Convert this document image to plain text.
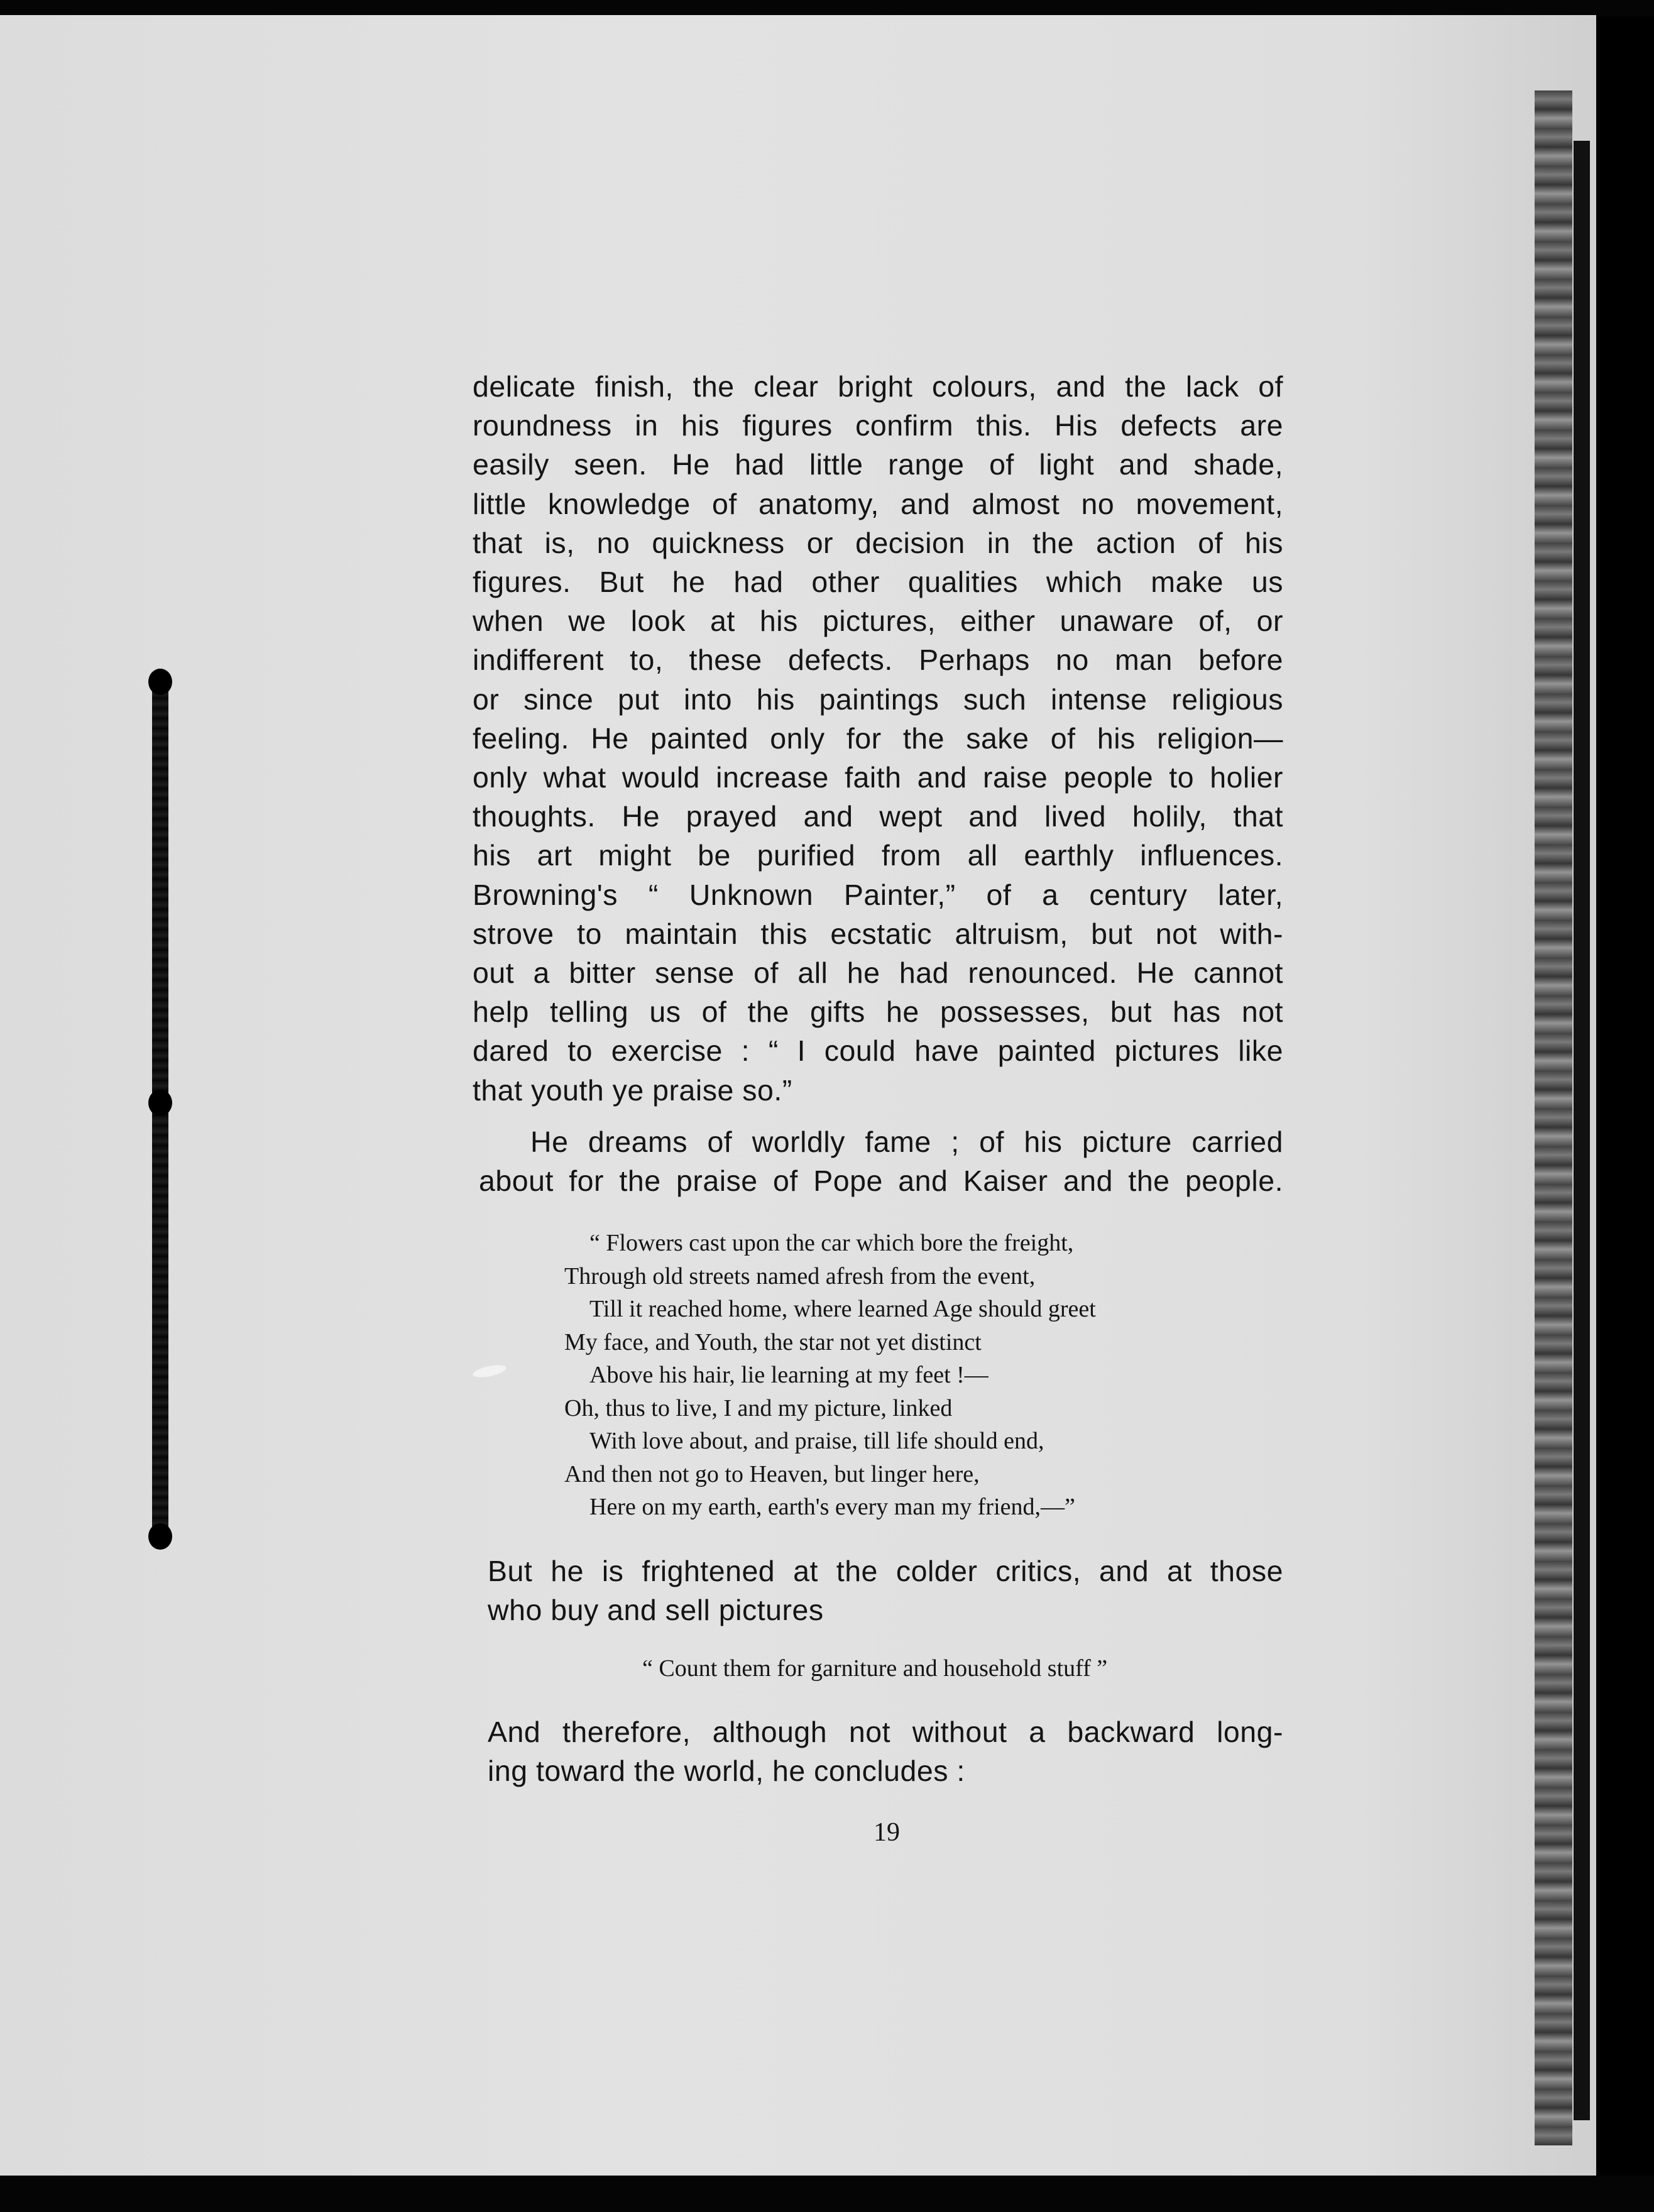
delicate finish, the clear bright colours, and the lack of
roundness in his figures confirm this. His defects are
easily seen. He had little range of light and shade,
little knowledge of anatomy, and almost no movement,
that is, no quickness or decision in the action of his
figures. But he had other qualities which make us
when we look at his pictures, either unaware of, or
indifferent to, these defects. Perhaps no man before
or since put into his paintings such intense religious
feeling. He painted only for the sake of his religion—
only what would increase faith and raise people to holier
thoughts. He prayed and wept and lived holily, that
his art might be purified from all earthly influences.
Browning's “ Unknown Painter,” of a century later,
strove to maintain this ecstatic altruism, but not with-
out a bitter sense of all he had renounced. He cannot
help telling us of the gifts he possesses, but has not
dared to exercise : “ I could have painted pictures like
that youth ye praise so.”
He dreams of worldly fame ; of his picture carried
about for the praise of Pope and Kaiser and the people.
“ Flowers cast upon the car which bore the freight,
Through old streets named afresh from the event,
Till it reached home, where learned Age should greet
My face, and Youth, the star not yet distinct
Above his hair, lie learning at my feet !—
Oh, thus to live, I and my picture, linked
With love about, and praise, till life should end,
And then not go to Heaven, but linger here,
Here on my earth, earth's every man my friend,—”
But he is frightened at the colder critics, and at those
who buy and sell pictures
“ Count them for garniture and household stuff ”
And therefore, although not without a backward long-
ing toward the world, he concludes :
19
